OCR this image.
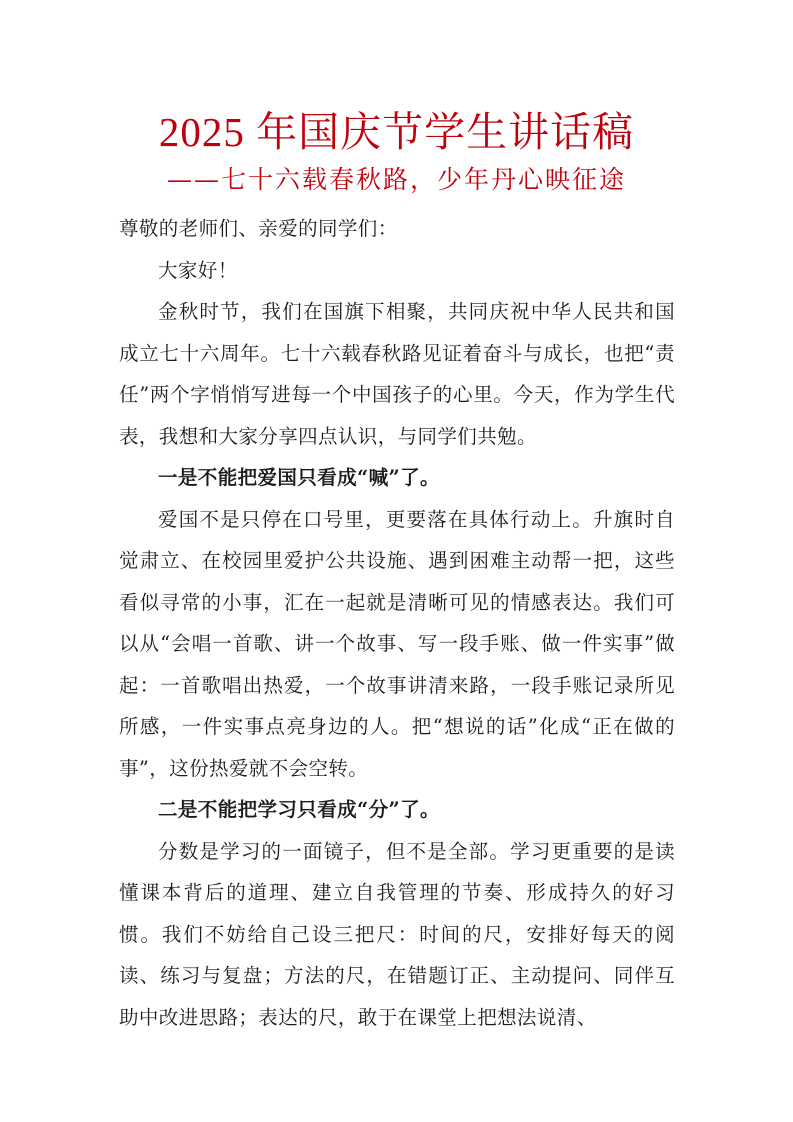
2025 年国庆节学生讲话稿
——七十六载春秋路，少年丹心映征途

尊敬的老师们、亲爱的同学们：

大家好！

金秋时节，我们在国旗下相聚，共同庆祝中华人民共和国成立七十六周年。七十六载春秋路见证着奋斗与成长，也把“责任”两个字悄悄写进每一个中国孩子的心里。今天，作为学生代表，我想和大家分享四点认识，与同学们共勉。

一是不能把爱国只看成“喊”了。

爱国不是只停在口号里，更要落在具体行动上。升旗时自觉肃立、在校园里爱护公共设施、遇到困难主动帮一把，这些看似寻常的小事，汇在一起就是清晰可见的情感表达。我们可以从“会唱一首歌、讲一个故事、写一段手账、做一件实事”做起：一首歌唱出热爱，一个故事讲清来路，一段手账记录所见所感，一件实事点亮身边的人。把“想说的话”化成“正在做的事”，这份热爱就不会空转。

二是不能把学习只看成“分”了。

分数是学习的一面镜子，但不是全部。学习更重要的是读懂课本背后的道理、建立自我管理的节奏、形成持久的好习惯。我们不妨给自己设三把尺：时间的尺，安排好每天的阅读、练习与复盘；方法的尺，在错题订正、主动提问、同伴互助中改进思路；表达的尺，敢于在课堂上把想法说清、
